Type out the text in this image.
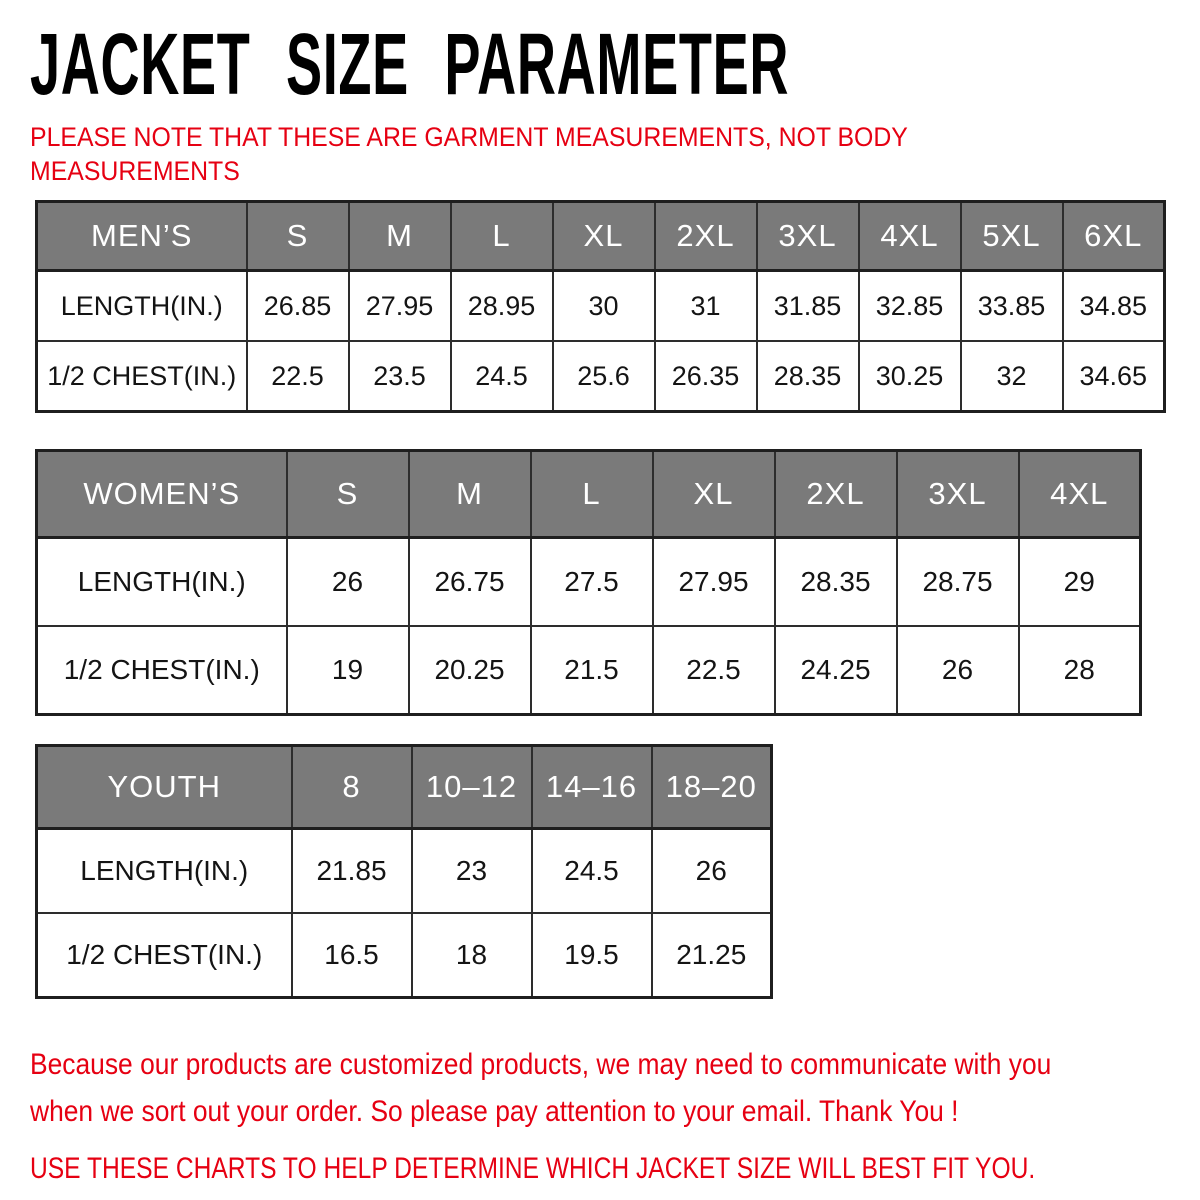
JACKET SIZE PARAMETER

PLEASE NOTE THAT THESE ARE GARMENT MEASUREMENTS, NOT BODY
MEASUREMENTS

MEN’S	S	M	L	XL	2XL	3XL	4XL	5XL	6XL
LENGTH(IN.)	26.85	27.95	28.95	30	31	31.85	32.85	33.85	34.85
1/2 CHEST(IN.)	22.5	23.5	24.5	25.6	26.35	28.35	30.25	32	34.65
WOMEN’S	S	M	L	XL	2XL	3XL	4XL
LENGTH(IN.)	26	26.75	27.5	27.95	28.35	28.75	29
1/2 CHEST(IN.)	19	20.25	21.5	22.5	24.25	26	28
YOUTH	8	10–12	14–16	18–20
LENGTH(IN.)	21.85	23	24.5	26
1/2 CHEST(IN.)	16.5	18	19.5	21.25

Because our products are customized products, we may need to communicate with you
when we sort out your order. So please pay attention to your email. Thank You !

USE THESE CHARTS TO HELP DETERMINE WHICH JACKET SIZE WILL BEST FIT YOU.
